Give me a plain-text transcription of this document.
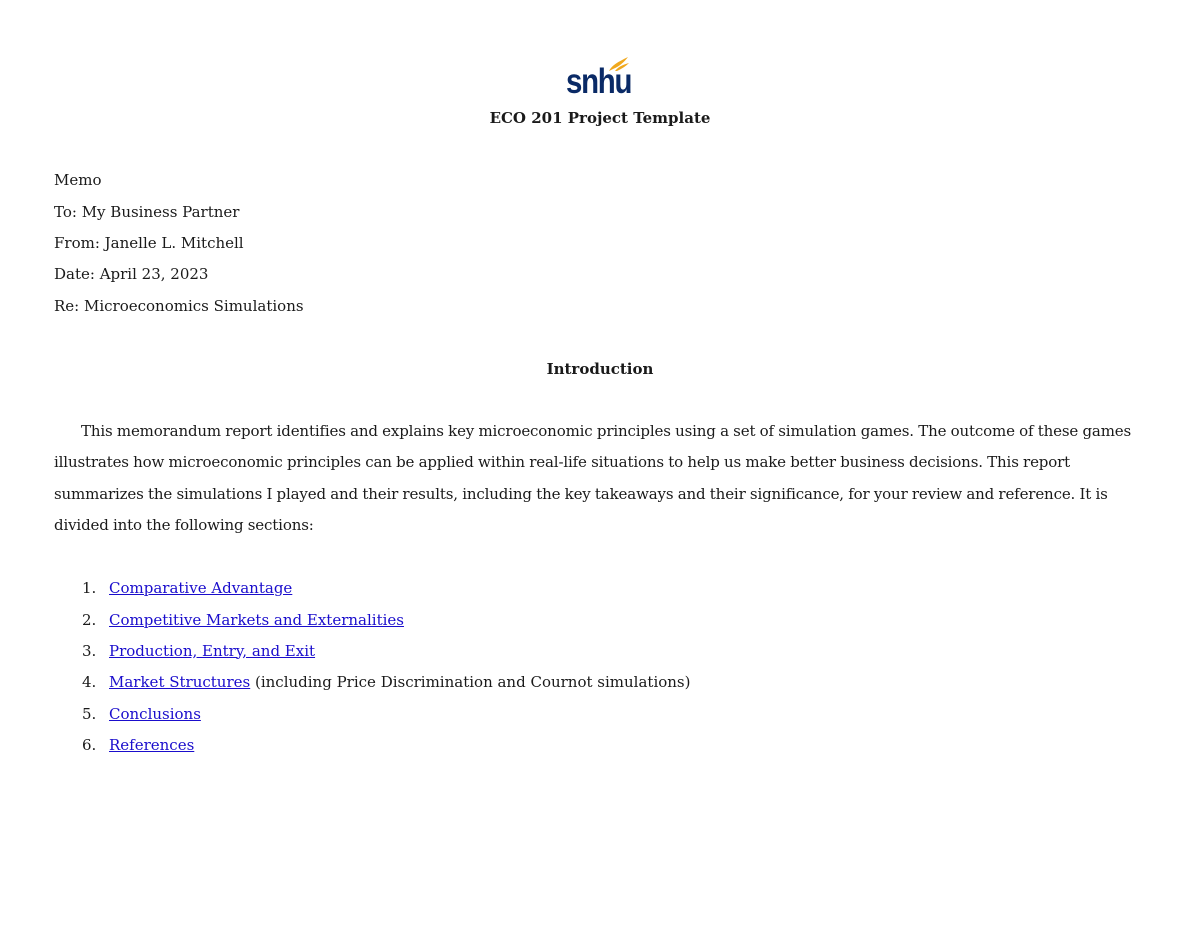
snhu
ECO 201 Project Template
Memo
To: My Business Partner
From: Janelle L. Mitchell
Date: April 23, 2023
Re: Microeconomics Simulations
Introduction

This memorandum report identifies and explains key microeconomic principles using a set of simulation games. The outcome of these games illustrates how microeconomic principles can be applied within real-life situations to help us make better business decisions. This report summarizes the simulations I played and their results, including the key takeaways and their significance, for your review and reference. It is divided into the following sections:

1. Comparative Advantage
2. Competitive Markets and Externalities
3. Production, Entry, and Exit
4. Market Structures (including Price Discrimination and Cournot simulations)
5. Conclusions
6. References
